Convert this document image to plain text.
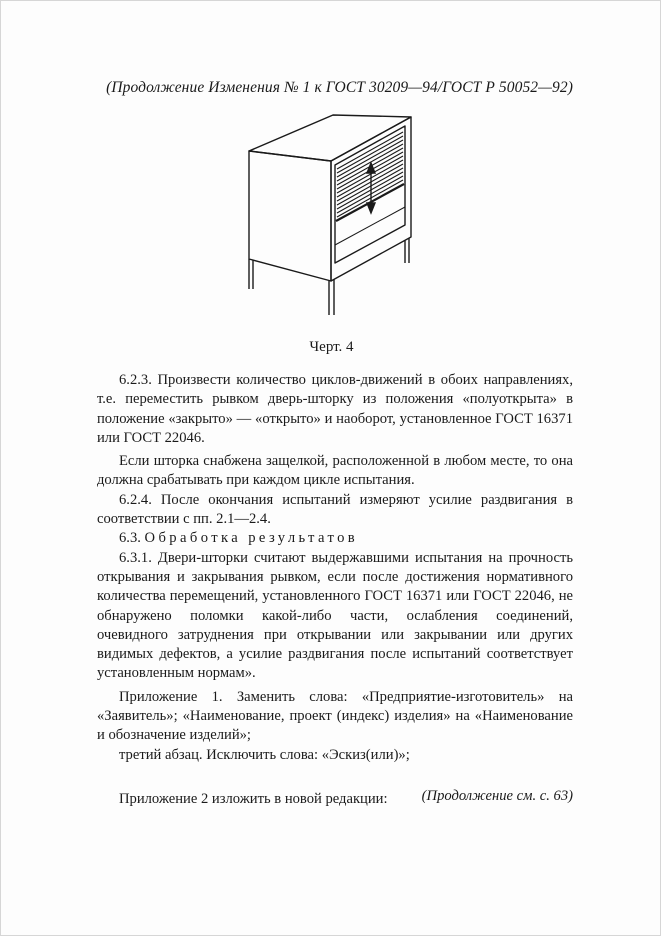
(Продолжение Изменения № 1 к ГОСТ 30209—94/ГОСТ Р 50052—92)
Черт. 4

6.2.3. Произвести количество циклов-движений в обоих направлениях, т.е. переместить рывком дверь-шторку из положения «полуоткрыта» в положение «закрыто» — «открыто» и наоборот, установленное ГОСТ 16371 или ГОСТ 22046.

Если шторка снабжена защелкой, расположенной в любом месте, то она должна срабатывать при каждом цикле испытания.

6.2.4. После окончания испытаний измеряют усилие раздвигания в соответствии с пп. 2.1—2.4.

6.3. Обработка результатов

6.3.1. Двери-шторки считают выдержавшими испытания на прочность открывания и закрывания рывком, если после достижения нормативного количества перемещений, установленного ГОСТ 16371 или ГОСТ 22046, не обнаружено поломки какой-либо части, ослабления соединений, очевидного затруднения при открывании или закрывании или других видимых дефектов, а усилие раздвигания после испытаний соответствует установленным нормам».

Приложение 1. Заменить слова: «Предприятие-изготовитель» на «Заявитель»; «Наименование, проект (индекс) изделия» на «Наименование и обозначение изделий»;

третий абзац. Исключить слова: «Эскиз(или)»;

Приложение 2 изложить в новой редакции:	(Продолжение см. с. 63)
